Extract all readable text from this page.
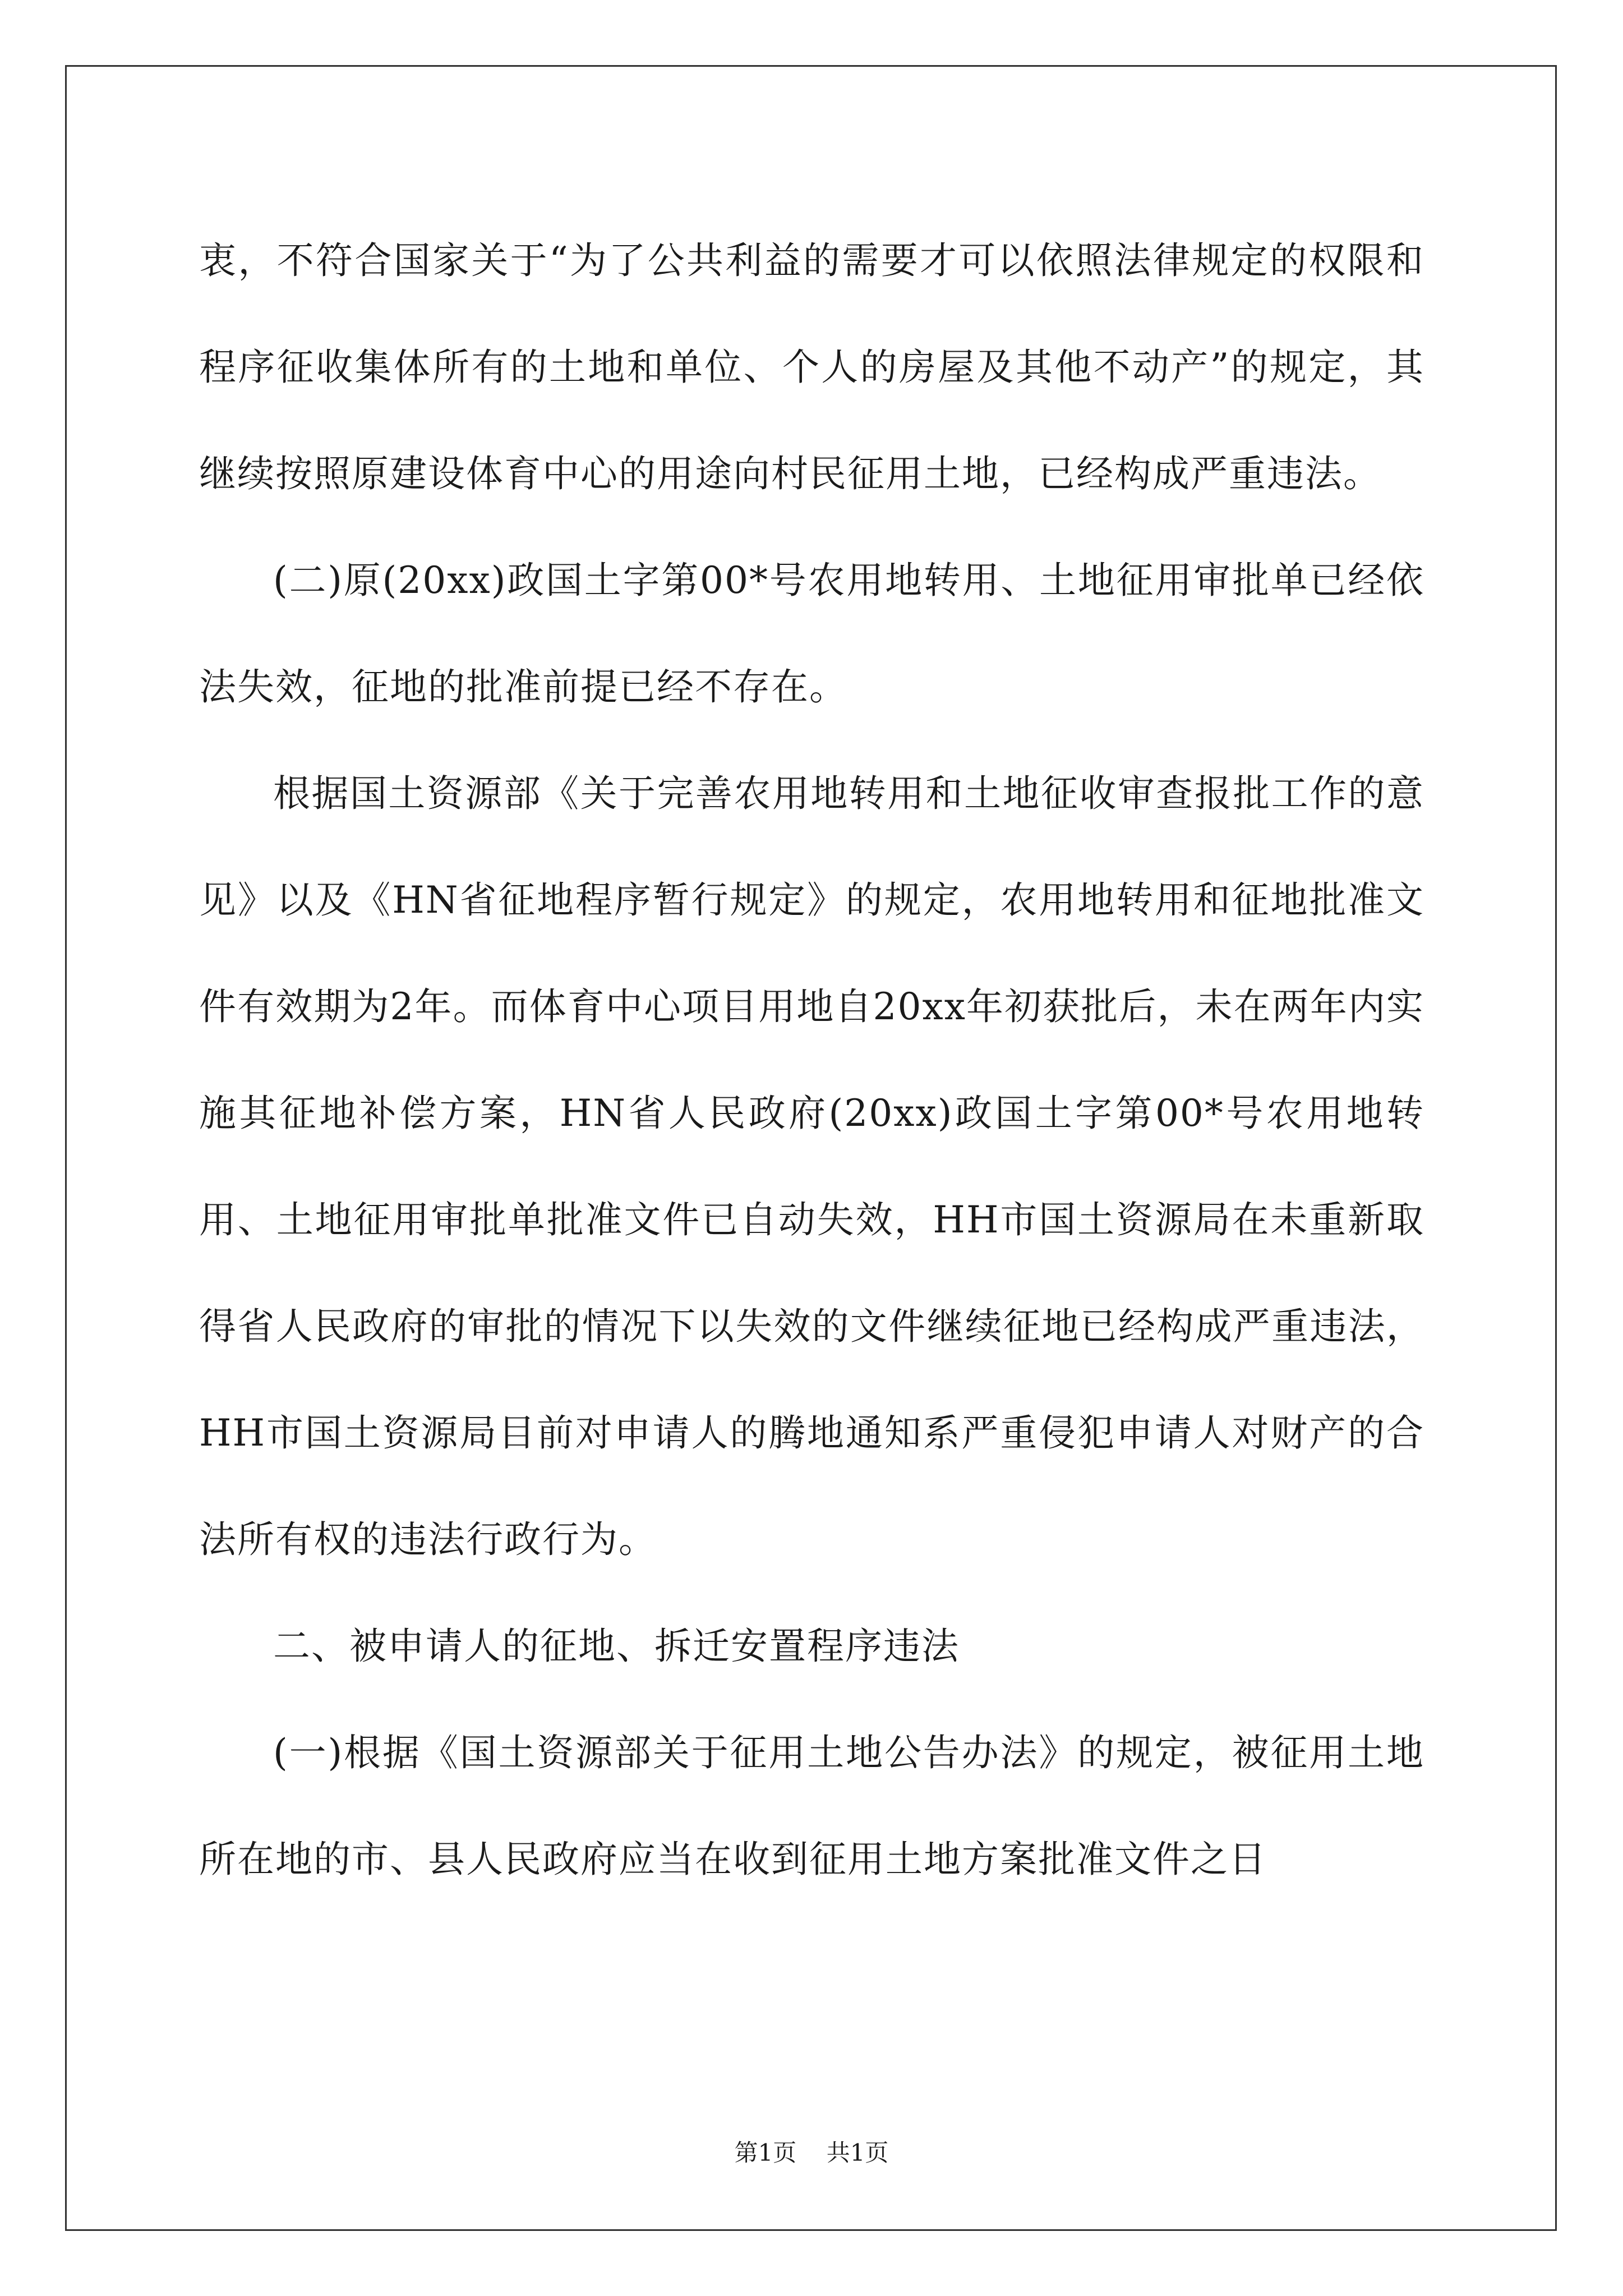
衷，不符合国家关于“为了公共利益的需要才可以依照法律规定的权限和程序征收集体所有的土地和单位、个人的房屋及其他不动产”的规定，其继续按照原建设体育中心的用途向村民征用土地，已经构成严重违法。

(二)原(20xx)政国土字第00*号农用地转用、土地征用审批单已经依法失效，征地的批准前提已经不存在。

根据国土资源部《关于完善农用地转用和土地征收审查报批工作的意见》以及《HN省征地程序暂行规定》的规定，农用地转用和征地批准文件有效期为2年。而体育中心项目用地自20xx年初获批后，未在两年内实施其征地补偿方案，HN省人民政府(20xx)政国土字第00*号农用地转用、土地征用审批单批准文件已自动失效，HH市国土资源局在未重新取得省人民政府的审批的情况下以失效的文件继续征地已经构成严重违法，HH市国土资源局目前对申请人的腾地通知系严重侵犯申请人对财产的合法所有权的违法行政行为。

二、被申请人的征地、拆迁安置程序违法

(一)根据《国土资源部关于征用土地公告办法》的规定，被征用土地所在地的市、县人民政府应当在收到征用土地方案批准文件之日

第1页 共1页
